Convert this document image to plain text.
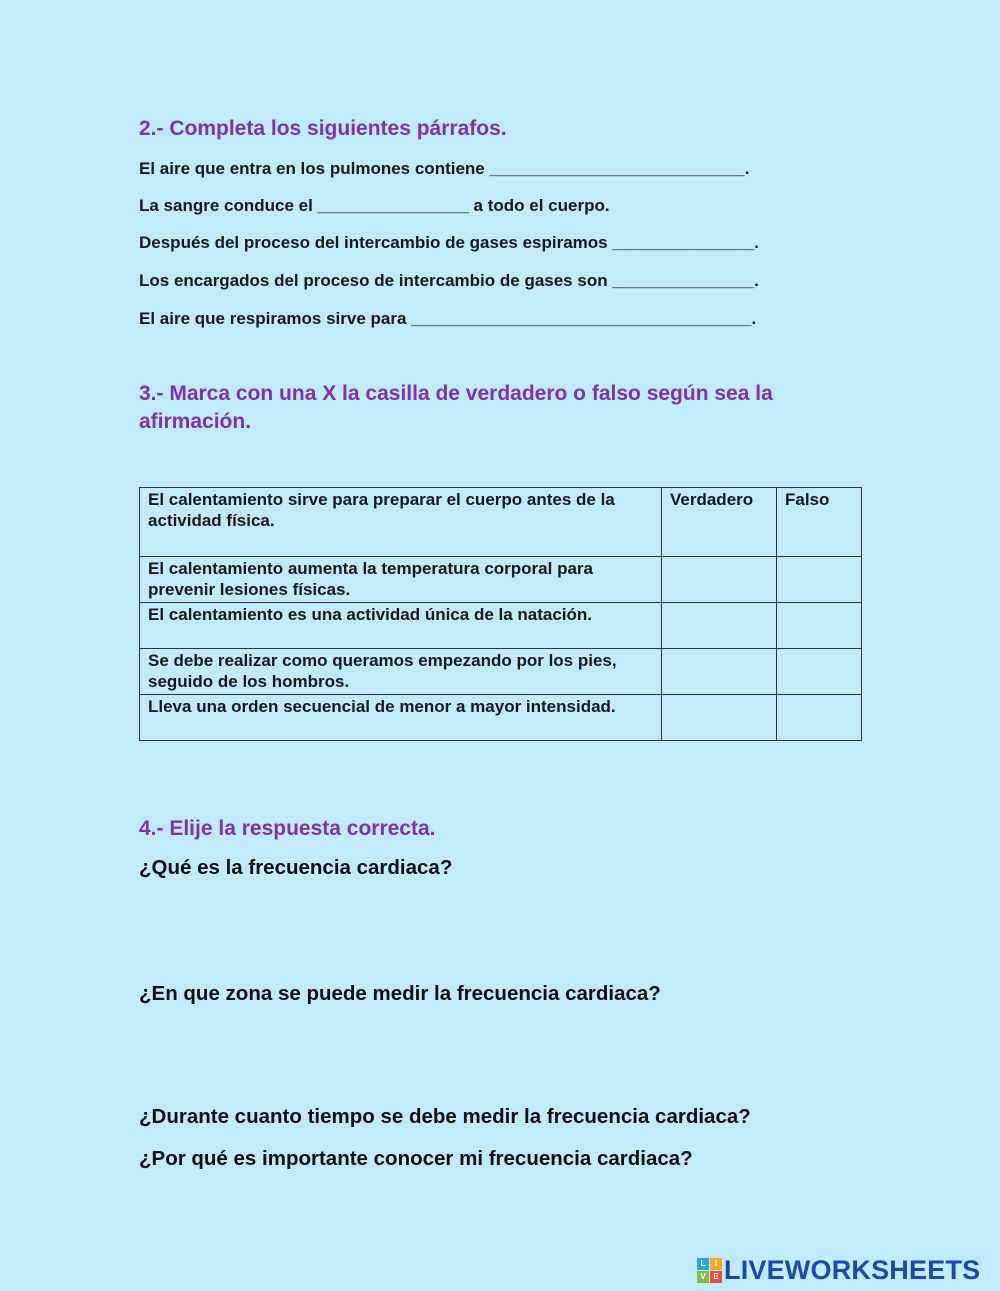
2.- Completa los siguientes párrafos.
El aire que entra en los pulmones contiene ___________________________.
La sangre conduce el ________________ a todo el cuerpo.
Después del proceso del intercambio de gases espiramos _______________.
Los encargados del proceso de intercambio de gases son _______________.
El aire que respiramos sirve para ____________________________________.
3.- Marca con una X la casilla de verdadero o falso según sea la afirmación.
El calentamiento sirve para preparar el cuerpo antes de la actividad física.	Verdadero	Falso
El calentamiento aumenta la temperatura corporal para prevenir lesiones físicas.		
El calentamiento es una actividad única de la natación.		
Se debe realizar como queramos empezando por los pies, seguido de los hombros.		
Lleva una orden secuencial de menor a mayor intensidad.		
4.- Elije la respuesta correcta.
¿Qué es la frecuencia cardiaca?
¿En que zona se puede medir la frecuencia cardiaca?
¿Durante cuanto tiempo se debe medir la frecuencia cardiaca?
¿Por qué es importante conocer mi frecuencia cardiaca?
L	I
V E LIVEWORKSHEETS
